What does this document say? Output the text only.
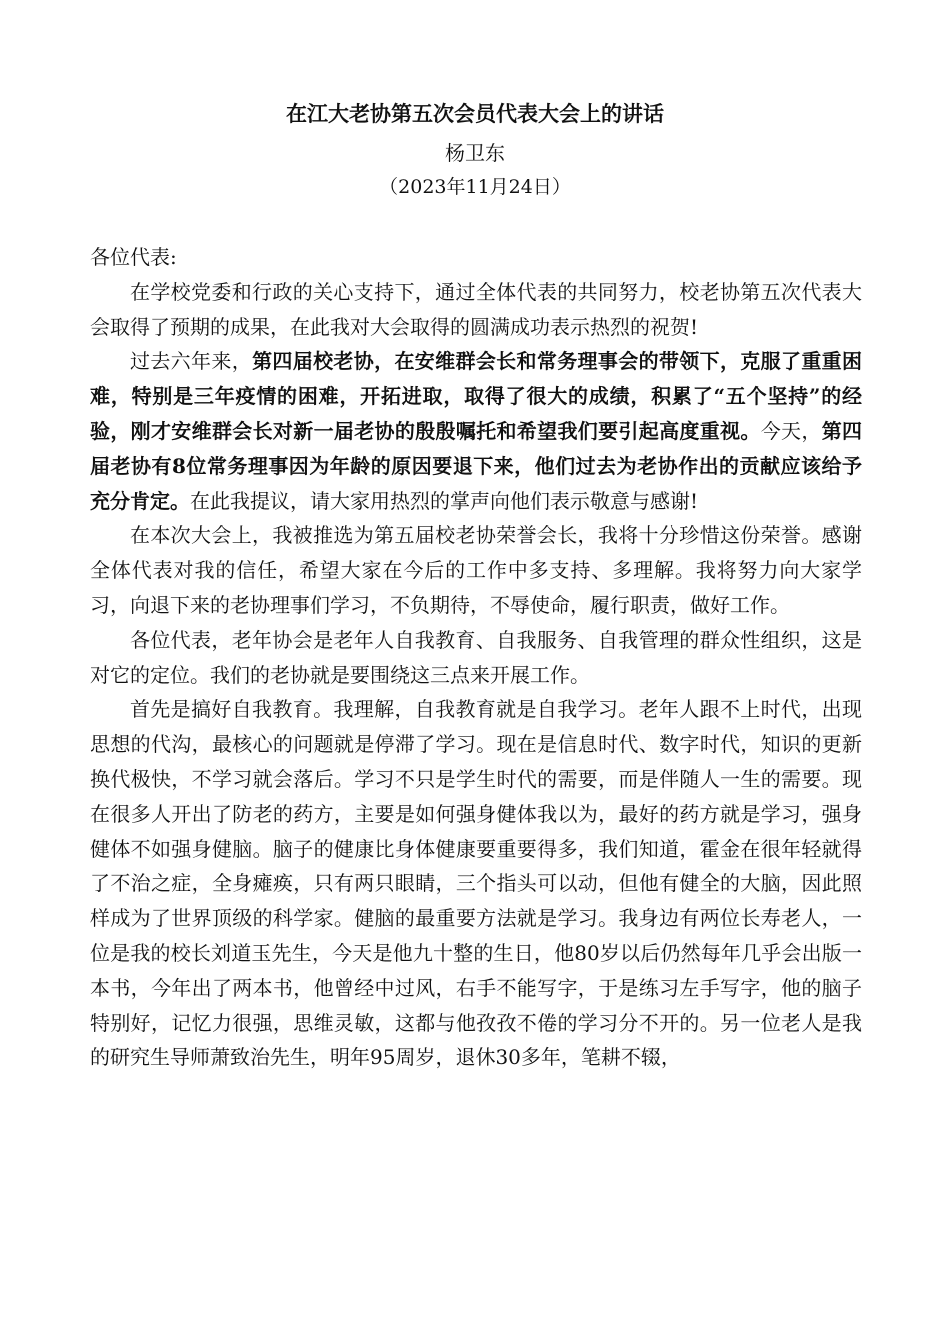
在江大老协第五次会员代表大会上的讲话
杨卫东
（2023年11月24日）

各位代表:

在学校党委和行政的关心支持下，通过全体代表的共同努力，校老协第五次代表大会取得了预期的成果，在此我对大会取得的圆满成功表示热烈的祝贺!

过去六年来，第四届校老协，在安维群会长和常务理事会的带领下，克服了重重困难，特别是三年疫情的困难，开拓进取，取得了很大的成绩，积累了“五个坚持”的经验，刚才安维群会长对新一届老协的殷殷嘱托和希望我们要引起高度重视。今天，第四届老协有8位常务理事因为年龄的原因要退下来，他们过去为老协作出的贡献应该给予充分肯定。在此我提议，请大家用热烈的掌声向他们表示敬意与感谢!

在本次大会上，我被推选为第五届校老协荣誉会长，我将十分珍惜这份荣誉。感谢全体代表对我的信任，希望大家在今后的工作中多支持、多理解。我将努力向大家学习，向退下来的老协理事们学习，不负期待，不辱使命，履行职责，做好工作。

各位代表，老年协会是老年人自我教育、自我服务、自我管理的群众性组织，这是对它的定位。我们的老协就是要围绕这三点来开展工作。

首先是搞好自我教育。我理解，自我教育就是自我学习。老年人跟不上时代，出现思想的代沟，最核心的问题就是停滞了学习。现在是信息时代、数字时代，知识的更新换代极快，不学习就会落后。学习不只是学生时代的需要，而是伴随人一生的需要。现在很多人开出了防老的药方，主要是如何强身健体我以为，最好的药方就是学习，强身健体不如强身健脑。脑子的健康比身体健康要重要得多，我们知道，霍金在很年轻就得了不治之症，全身瘫痪，只有两只眼睛，三个指头可以动，但他有健全的大脑，因此照样成为了世界顶级的科学家。健脑的最重要方法就是学习。我身边有两位长寿老人，一位是我的校长刘道玉先生，今天是他九十整的生日，他80岁以后仍然每年几乎会出版一本书，今年出了两本书，他曾经中过风，右手不能写字，于是练习左手写字，他的脑子特别好，记忆力很强，思维灵敏，这都与他孜孜不倦的学习分不开的。另一位老人是我的研究生导师萧致治先生，明年95周岁，退休30多年，笔耕不辍，
